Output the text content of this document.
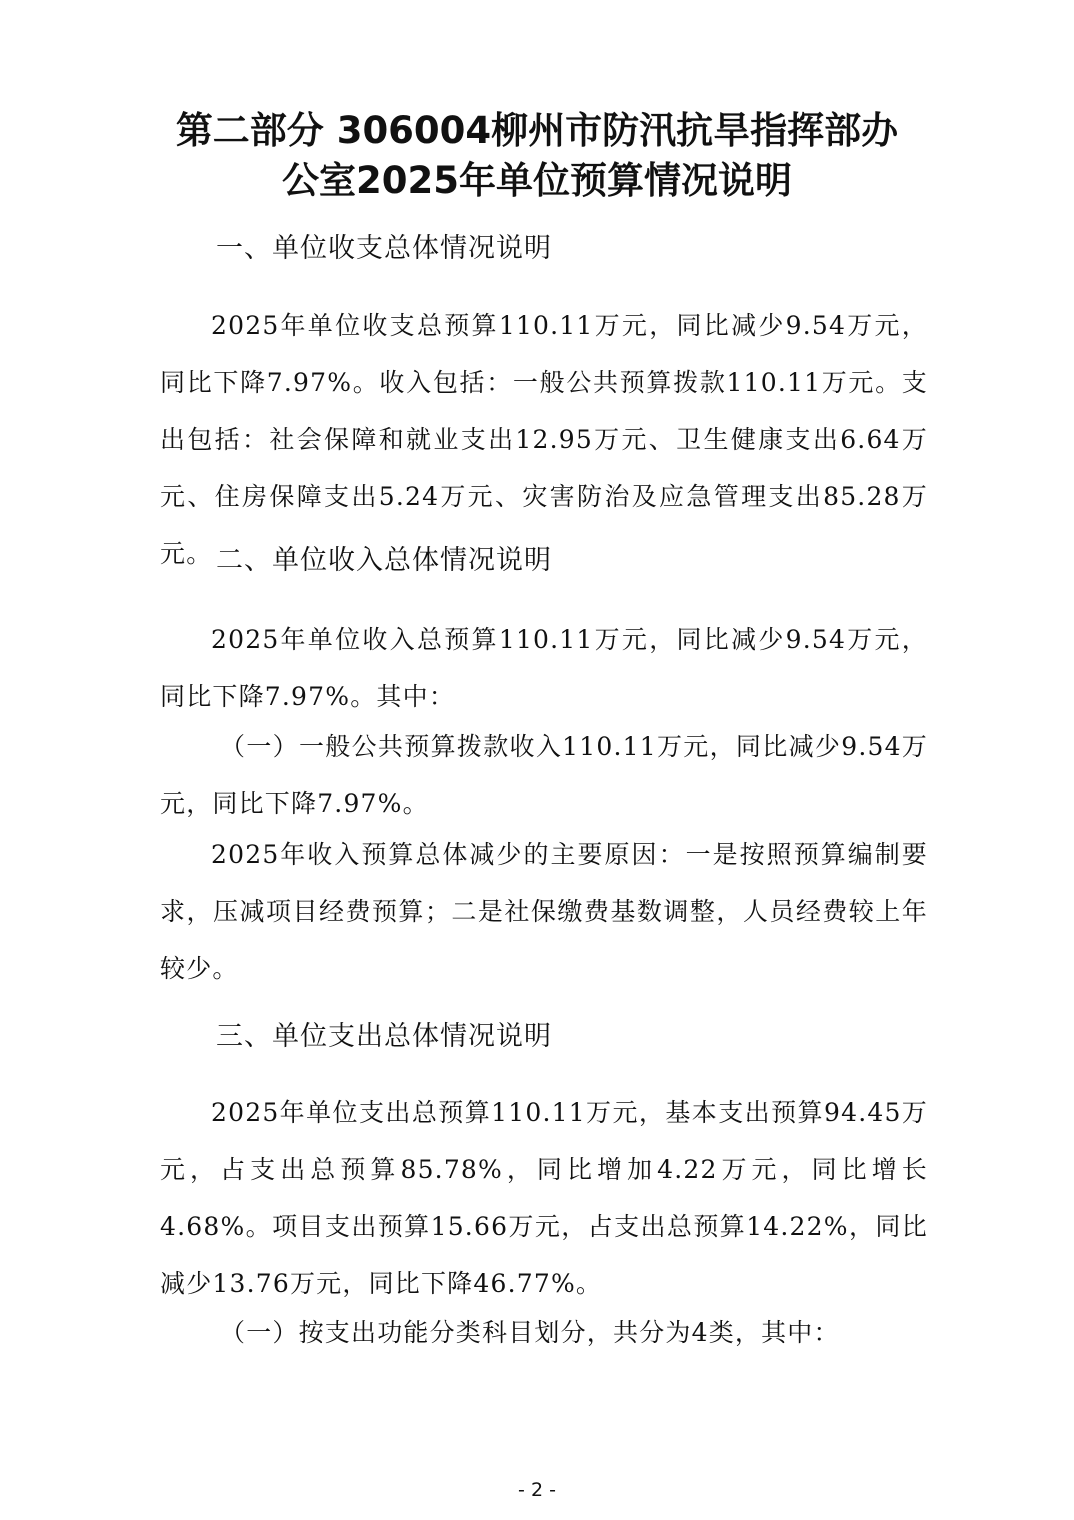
第二部分 306004柳州市防汛抗旱指挥部办
公室2025年单位预算情况说明
一、单位收支总体情况说明

2025年单位收支总预算110.11万元，同比减少9.54万元，同比下降7.97%。收入包括：一般公共预算拨款110.11万元。支出包括：社会保障和就业支出12.95万元、卫生健康支出6.64万元、住房保障支出5.24万元、灾害防治及应急管理支出85.28万元。 二、单位收入总体情况说明

2025年单位收入总预算110.11万元，同比减少9.54万元，同比下降7.97%。其中：

（一）一般公共预算拨款收入110.11万元，同比减少9.54万元，同比下降7.97%。

2025年收入预算总体减少的主要原因：一是按照预算编制要求，压减项目经费预算；二是社保缴费基数调整，人员经费较上年较少。

三、单位支出总体情况说明

2025年单位支出总预算110.11万元，基本支出预算94.45万元，占支出总预算85.78%，同比增加4.22万元，同比增长4.68%。项目支出预算15.66万元，占支出总预算14.22%，同比减少13.76万元，同比下降46.77%。

（一）按支出功能分类科目划分，共分为4类，其中：

- 2 -
